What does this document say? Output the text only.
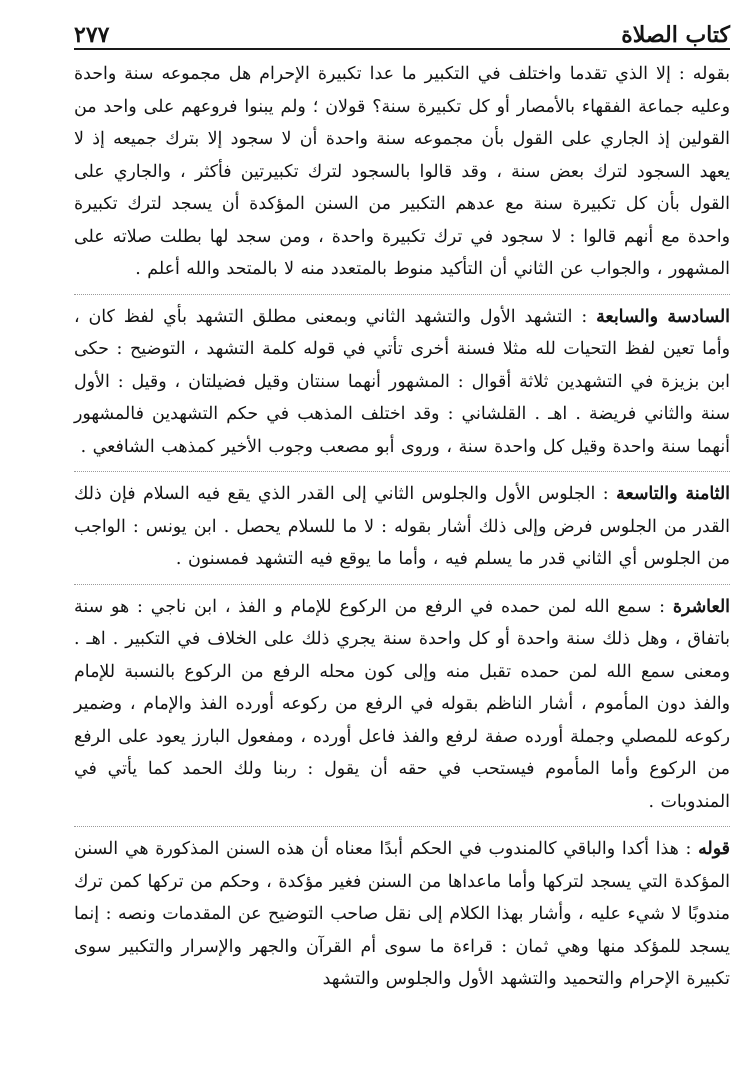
كتاب الصلاة
٢٧٧

بقوله : إلا الذي تقدما واختلف في التكبير ما عدا تكبيرة الإحرام هل مجموعه سنة واحدة وعليه جماعة الفقهاء بالأمصار أو كل تكبيرة سنة؟ قولان ؛ ولم يبنوا فروعهم على واحد من القولين إذ الجاري على القول بأن مجموعه سنة واحدة أن لا سجود إلا بترك جميعه إذ لا يعهد السجود لترك بعض سنة ، وقد قالوا بالسجود لترك تكبيرتين فأكثر ، والجاري على القول بأن كل تكبيرة سنة مع عدهم التكبير من السنن المؤكدة أن يسجد لترك تكبيرة واحدة مع أنهم قالوا : لا سجود في ترك تكبيرة واحدة ، ومن سجد لها بطلت صلاته على المشهور ، والجواب عن الثاني أن التأكيد منوط بالمتعدد منه لا بالمتحد والله أعلم .

السادسة والسابعة : التشهد الأول والتشهد الثاني وبمعنى مطلق التشهد بأي لفظ كان ، وأما تعين لفظ التحيات لله مثلا فسنة أخرى تأتي في قوله كلمة التشهد ، التوضيح : حكى ابن بزيزة في التشهدين ثلاثة أقوال : المشهور أنهما سنتان وقيل فضيلتان ، وقيل : الأول سنة والثاني فريضة . اهـ . القلشاني : وقد اختلف المذهب في حكم التشهدين فالمشهور أنهما سنة واحدة وقيل كل واحدة سنة ، وروى أبو مصعب وجوب الأخير كمذهب الشافعي .

الثامنة والتاسعة : الجلوس الأول والجلوس الثاني إلى القدر الذي يقع فيه السلام فإن ذلك القدر من الجلوس فرض وإلى ذلك أشار بقوله : لا ما للسلام يحصل . ابن يونس : الواجب من الجلوس أي الثاني قدر ما يسلم فيه ، وأما ما يوقع فيه التشهد فمسنون .

العاشرة : سمع الله لمن حمده في الرفع من الركوع للإمام و الفذ ، ابن ناجي : هو سنة باتفاق ، وهل ذلك سنة واحدة أو كل واحدة سنة يجري ذلك على الخلاف في التكبير . اهـ . ومعنى سمع الله لمن حمده تقبل منه وإلى كون محله الرفع من الركوع بالنسبة للإمام والفذ دون المأموم ، أشار الناظم بقوله في الرفع من ركوعه أورده الفذ والإمام ، وضمير ركوعه للمصلي وجملة أورده صفة لرفع والفذ فاعل أورده ، ومفعول البارز يعود على الرفع من الركوع وأما المأموم فيستحب في حقه أن يقول : ربنا ولك الحمد كما يأتي في المندوبات .

قوله : هذا أكدا والباقي كالمندوب في الحكم أبدًا معناه أن هذه السنن المذكورة هي السنن المؤكدة التي يسجد لتركها وأما ماعداها من السنن فغير مؤكدة ، وحكم من تركها كمن ترك مندوبًا لا شيء عليه ، وأشار بهذا الكلام إلى نقل صاحب التوضيح عن المقدمات ونصه : إنما يسجد للمؤكد منها وهي ثمان : قراءة ما سوى أم القرآن والجهر والإسرار والتكبير سوى تكبيرة الإحرام والتحميد والتشهد الأول والجلوس والتشهد
